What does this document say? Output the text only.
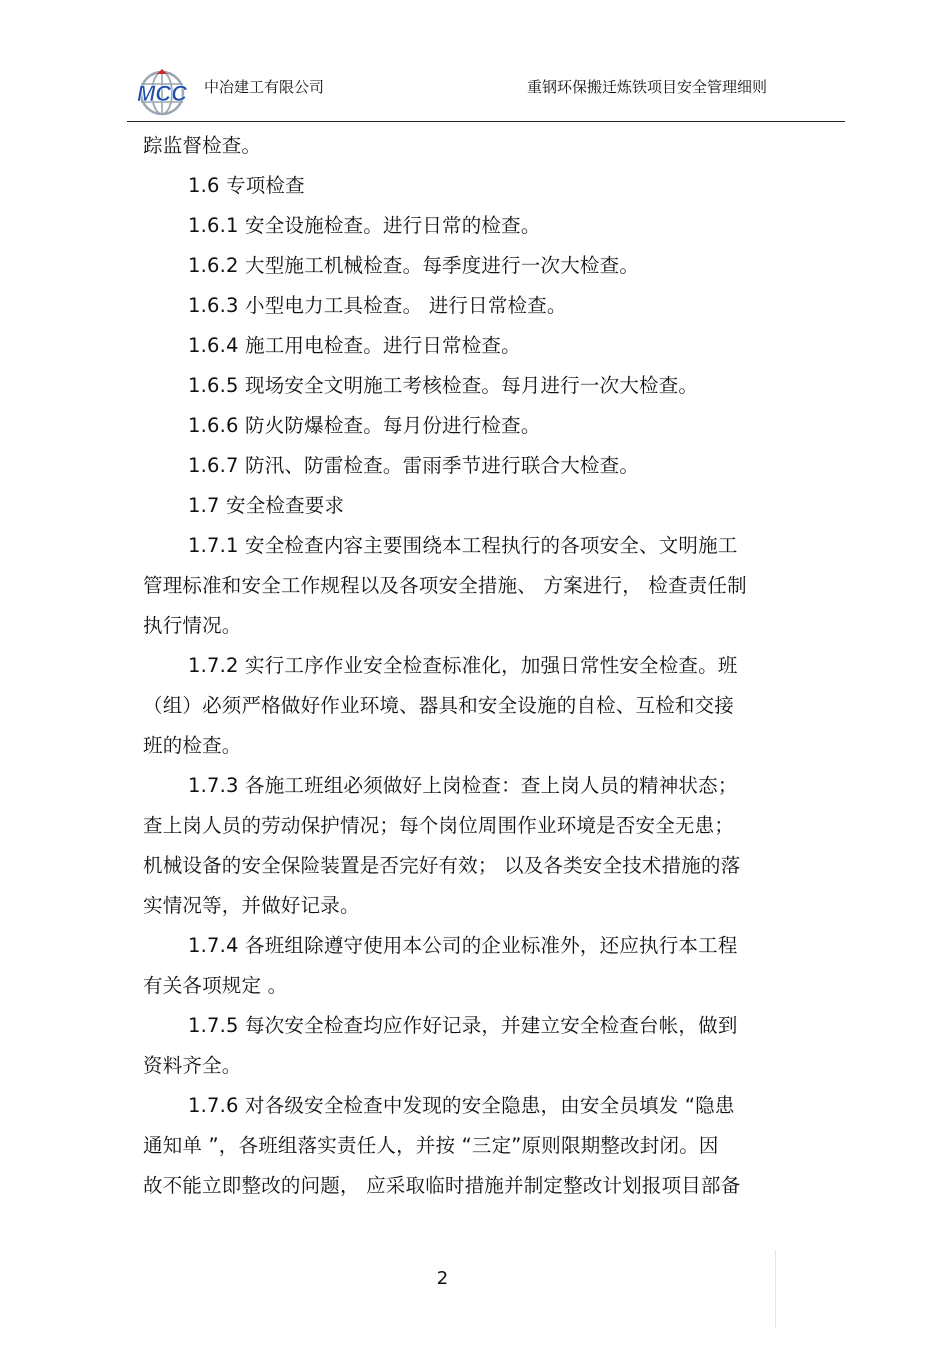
MCC 中冶建工有限公司	重钢环保搬迁炼铁项目安全管理细则
踪监督检查。
1.6 专项检查
1.6.1 安全设施检查。进行日常的检查。
1.6.2 大型施工机械检查。每季度进行一次大检查。
1.6.3 小型电力工具检查。 进行日常检查。
1.6.4 施工用电检查。进行日常检查。
1.6.5 现场安全文明施工考核检查。每月进行一次大检查。
1.6.6 防火防爆检查。每月份进行检查。
1.6.7 防汛、防雷检查。雷雨季节进行联合大检查。
1.7 安全检查要求
1.7.1 安全检查内容主要围绕本工程执行的各项安全、文明施工
管理标准和安全工作规程以及各项安全措施、 方案进行， 检查责任制
执行情况。
1.7.2 实行工序作业安全检查标准化，加强日常性安全检查。班
（组）必须严格做好作业环境、器具和安全设施的自检、互检和交接
班的检查。
1.7.3 各施工班组必须做好上岗检查：查上岗人员的精神状态；
查上岗人员的劳动保护情况；每个岗位周围作业环境是否安全无患；
机械设备的安全保险装置是否完好有效； 以及各类安全技术措施的落
实情况等，并做好记录。
1.7.4 各班组除遵守使用本公司的企业标准外，还应执行本工程
有关各项规定 。
1.7.5 每次安全检查均应作好记录，并建立安全检查台帐，做到
资料齐全。
1.7.6 对各级安全检查中发现的安全隐患，由安全员填发 “隐患
通知单 ”，各班组落实责任人，并按 “三定”原则限期整改封闭。因
故不能立即整改的问题， 应采取临时措施并制定整改计划报项目部备
2
